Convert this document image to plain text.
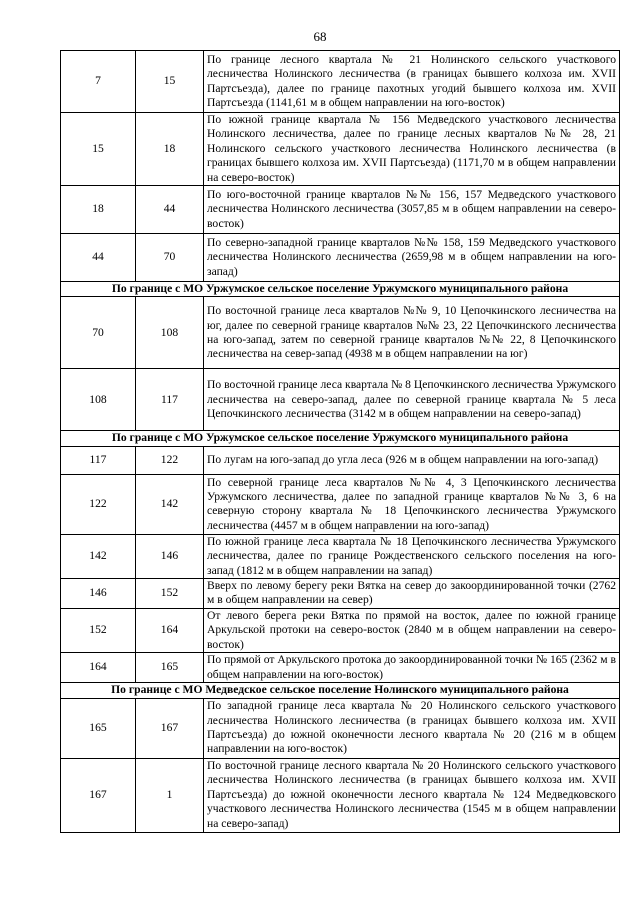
68
7	15	По границе лесного квартала № 21 Нолинского сельского участкового лесничества Нолинского лесничества (в границах бывшего колхоза им. XVII Партсъезда), далее по границе пахотных угодий бывшего колхоза им. XVII Партсъезда (1141,61 м в общем направлении на юго-восток)
15	18	По южной границе квартала № 156 Медведского участкового лесничества Нолинского лесничества, далее по границе лесных кварталов №№ 28, 21 Нолинского сельского участкового лесничества Нолинского лесничества (в границах бывшего колхоза им. XVII Партсъезда) (1171,70 м в общем направлении на северо-восток)
18	44	По юго-восточной границе кварталов №№ 156, 157 Медведского участкового лесничества Нолинского лесничества (3057,85 м в общем направлении на северо-восток)
44	70	По северно-западной границе кварталов №№ 158, 159 Медведского участкового лесничества Нолинского лесничества (2659,98 м в общем направлении на юго-запад)
По границе с МО Уржумское сельское поселение Уржумского муниципального района		
70	108	По восточной границе леса кварталов №№ 9, 10 Цепочкинского лесничества на юг, далее по северной границе кварталов №№ 23, 22 Цепочкинского лесничества на юго-запад, затем по северной границе кварталов №№ 22, 8 Цепочкинского лесничества на север-запад (4938 м в общем направлении на юг)
108	117	По восточной границе леса квартала № 8 Цепочкинского лесничества Уржумского лесничества на северо-запад, далее по северной границе квартала № 5 леса Цепочкинского лесничества (3142 м в общем направлении на северо-запад)
По границе с МО Уржумское сельское поселение Уржумского муниципального района		
117	122	По лугам на юго-запад до угла леса (926 м в общем направлении на юго-запад)
122	142	По северной границе леса кварталов №№ 4, 3 Цепочкинского лесничества Уржумского лесничества, далее по западной границе кварталов №№ 3, 6 на северную сторону квартала № 18 Цепочкинского лесничества Уржумского лесничества (4457 м в общем направлении на юго-запад)
142	146	По южной границе леса квартала № 18 Цепочкинского лесничества Уржумского лесничества, далее по границе Рождественского сельского поселения на юго-запад (1812 м в общем направлении на запад)
146	152	Вверх по левому берегу реки Вятка на север до закоординированной точки (2762 м в общем направлении на север)
152	164	От левого берега реки Вятка по прямой на восток, далее по южной границе Аркульской протоки на северо-восток (2840 м в общем направлении на северо-восток)
164	165	По прямой от Аркульского протока до закоординированной точки № 165 (2362 м в общем направлении на юго-восток)
По границе с МО Медведское сельское поселение Нолинского муниципального района		
165	167	По западной границе леса квартала № 20 Нолинского сельского участкового лесничества Нолинского лесничества (в границах бывшего колхоза им. XVII Партсъезда) до южной оконечности лесного квартала № 20 (216 м в общем направлении на юго-восток)
167	1	По восточной границе лесного квартала № 20 Нолинского сельского участкового лесничества Нолинского лесничества (в границах бывшего колхоза им. XVII Партсъезда) до южной оконечности лесного квартала № 124 Медведковского участкового лесничества Нолинского лесничества (1545 м в общем направлении на северо-запад)
